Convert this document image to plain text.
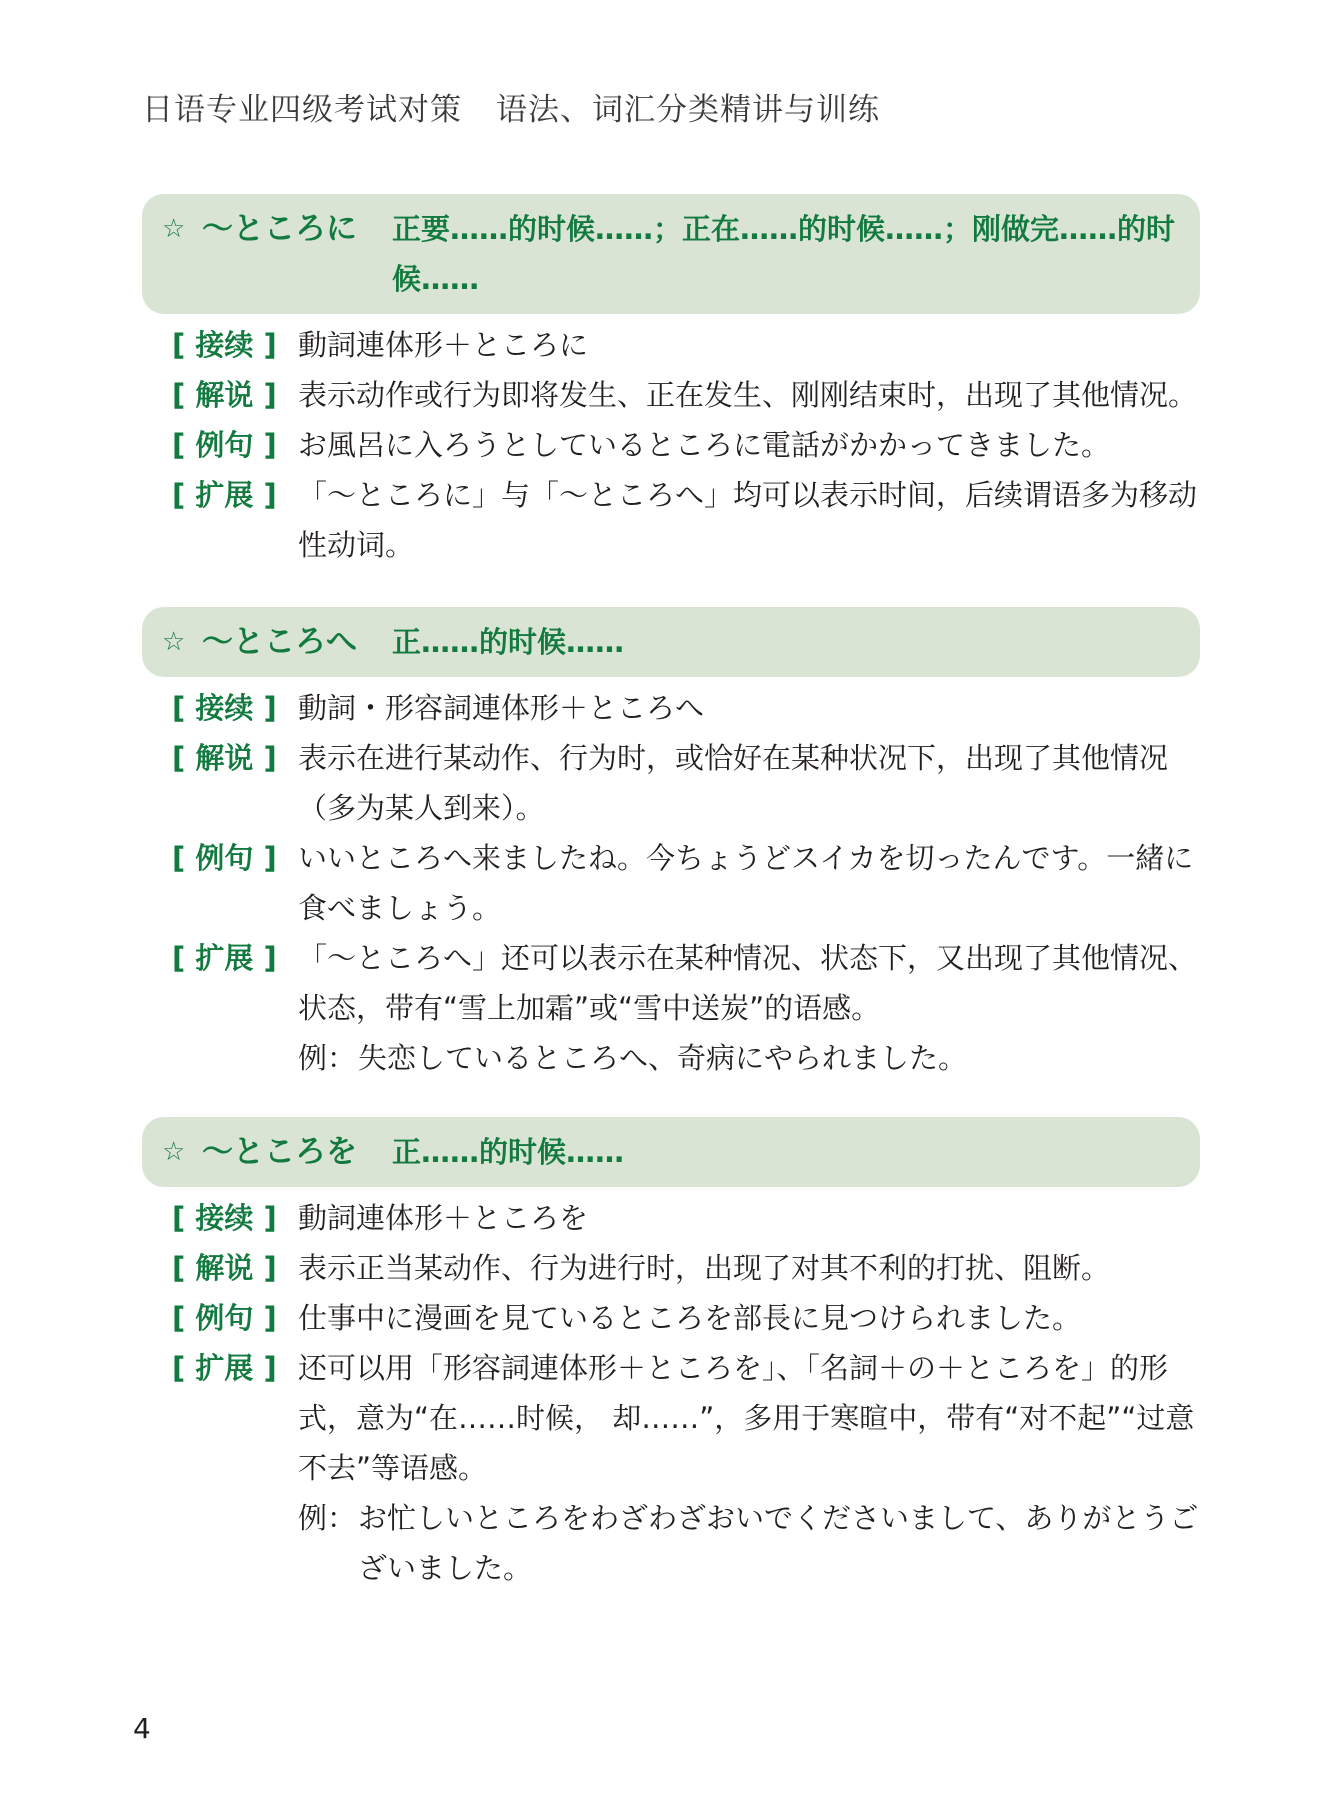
日语专业四级考试对策 语法、词汇分类精讲与训练
☆ ～ところに	正要……的时候……；正在……的时候……；刚做完……的时候……
[ 接续 ] 動詞連体形＋ところに
[ 解说 ] 表示动作或行为即将发生、正在发生、刚刚结束时，出现了其他情况。
[ 例句 ] お風呂に入ろうとしているところに電話がかかってきました。
[ 扩展 ] 「～ところに」与「～ところへ」均可以表示时间，后续谓语多为移动性动词。
☆ ～ところへ	正……的时候……
[ 接续 ] 動詞・形容詞連体形＋ところへ
[ 解说 ] 表示在进行某动作、行为时，或恰好在某种状况下，出现了其他情况（多为某人到来）。
[ 例句 ] いいところへ来ましたね。今ちょうどスイカを切ったんです。一緒に食べましょう。
[ 扩展 ] 「～ところへ」还可以表示在某种情况、状态下，又出现了其他情况、状态，带有“雪上加霜”或“雪中送炭”的语感。
例： 失恋しているところへ、奇病にやられました。
☆ ～ところを	正……的时候……
[ 接续 ] 動詞連体形＋ところを
[ 解说 ] 表示正当某动作、行为进行时，出现了对其不利的打扰、阻断。
[ 例句 ] 仕事中に漫画を見ているところを部長に見つけられました。
[ 扩展 ] 还可以用「形容詞連体形＋ところを」、「名詞＋の＋ところを」的形式，意为“在……时候， 却……”，多用于寒暄中，带有“对不起”“过意不去”等语感。
例： お忙しいところをわざわざおいでくださいまして、ありがとうございました。
4
